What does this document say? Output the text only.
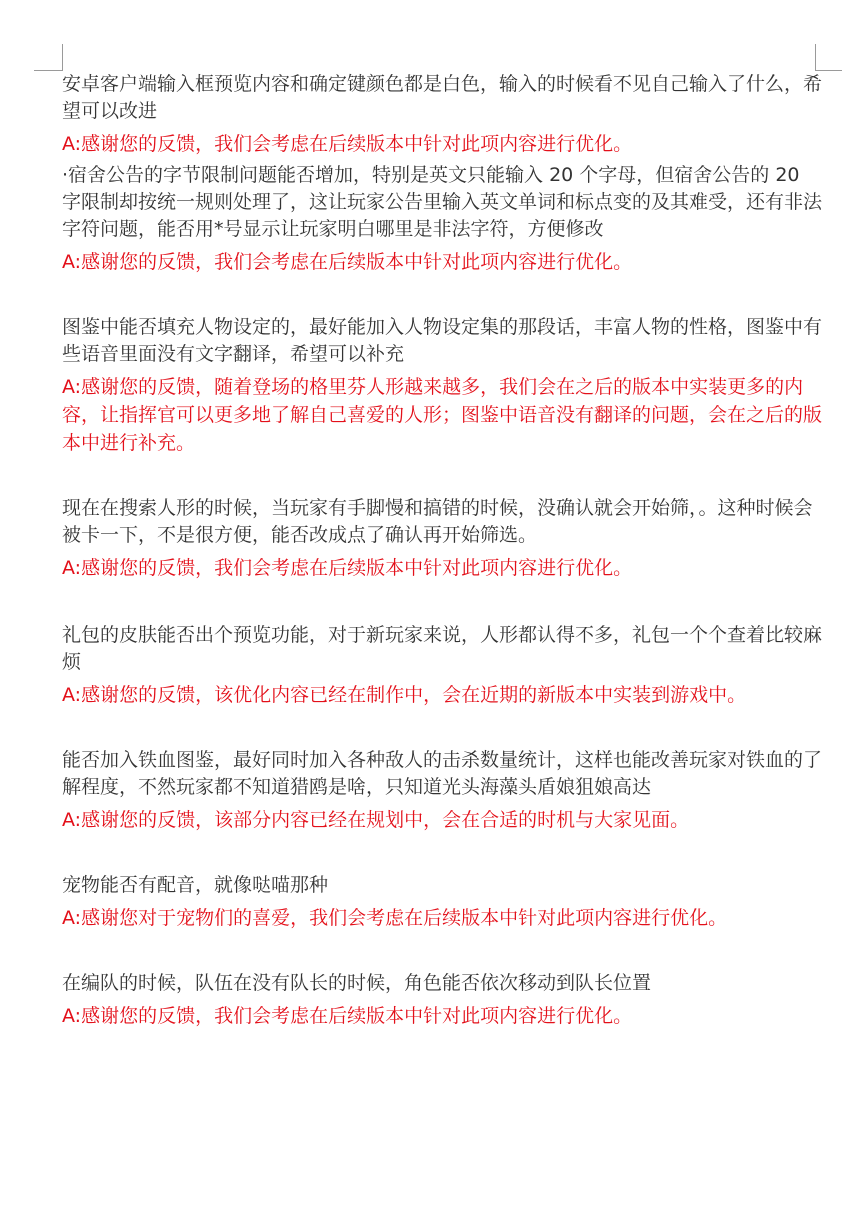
安卓客户端输入框预览内容和确定键颜色都是白色，输入的时候看不见自己输入了什么，希望可以改进

A:感谢您的反馈，我们会考虑在后续版本中针对此项内容进行优化。

·宿舍公告的字节限制问题能否增加，特别是英文只能输入 20 个字母，但宿舍公告的 20 字限制却按统一规则处理了，这让玩家公告里输入英文单词和标点变的及其难受，还有非法字符问题，能否用*号显示让玩家明白哪里是非法字符，方便修改

A:感谢您的反馈，我们会考虑在后续版本中针对此项内容进行优化。

图鉴中能否填充人物设定的，最好能加入人物设定集的那段话，丰富人物的性格，图鉴中有些语音里面没有文字翻译，希望可以补充

A:感谢您的反馈，随着登场的格里芬人形越来越多，我们会在之后的版本中实装更多的内容，让指挥官可以更多地了解自己喜爱的人形；图鉴中语音没有翻译的问题，会在之后的版本中进行补充。

现在在搜索人形的时候，当玩家有手脚慢和搞错的时候，没确认就会开始筛，。这种时候会被卡一下，不是很方便，能否改成点了确认再开始筛选。

A:感谢您的反馈，我们会考虑在后续版本中针对此项内容进行优化。

礼包的皮肤能否出个预览功能，对于新玩家来说，人形都认得不多，礼包一个个查着比较麻烦

A:感谢您的反馈，该优化内容已经在制作中，会在近期的新版本中实装到游戏中。

能否加入铁血图鉴，最好同时加入各种敌人的击杀数量统计，这样也能改善玩家对铁血的了解程度，不然玩家都不知道猎鸥是啥，只知道光头海藻头盾娘狙娘高达

A:感谢您的反馈，该部分内容已经在规划中，会在合适的时机与大家见面。

宠物能否有配音，就像哒喵那种

A:感谢您对于宠物们的喜爱，我们会考虑在后续版本中针对此项内容进行优化。

在编队的时候，队伍在没有队长的时候，角色能否依次移动到队长位置

A:感谢您的反馈，我们会考虑在后续版本中针对此项内容进行优化。
